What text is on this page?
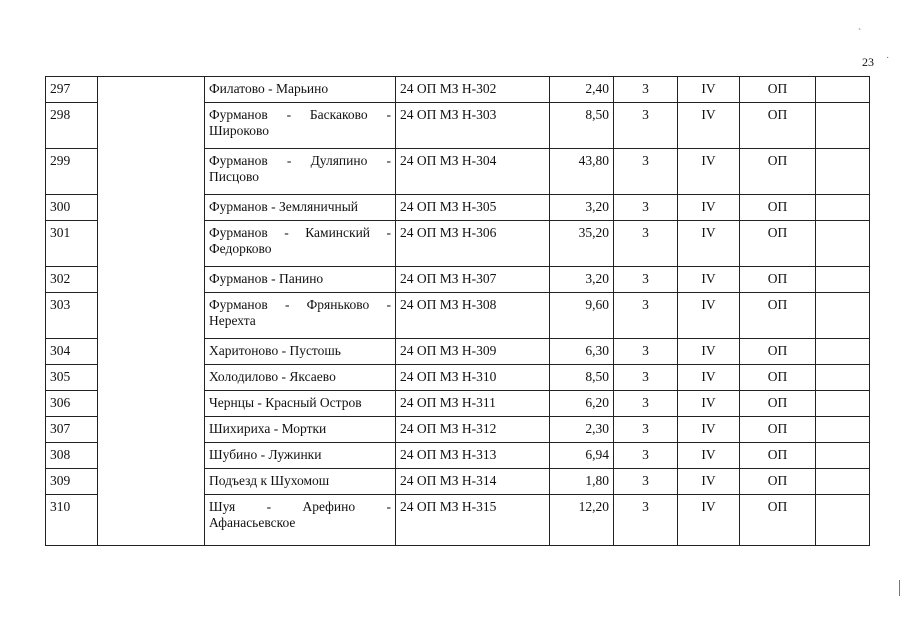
`
23 ˙
297		Филатово - Марьино	24 ОП МЗ Н-302	2,40	3	IV	ОП	
298		Фурманов - Баскаково - Широково	24 ОП МЗ Н-303	8,50	3	IV	ОП	
299		Фурманов - Дуляпино - Писцово	24 ОП МЗ Н-304	43,80	3	IV	ОП	
300		Фурманов - Земляничный	24 ОП МЗ Н-305	3,20	3	IV	ОП	
301		Фурманов - Каминский - Федорково	24 ОП МЗ Н-306	35,20	3	IV	ОП	
302		Фурманов - Панино	24 ОП МЗ Н-307	3,20	3	IV	ОП	
303		Фурманов - Фряньково - Нерехта	24 ОП МЗ Н-308	9,60	3	IV	ОП	
304		Харитоново - Пустошь	24 ОП МЗ Н-309	6,30	3	IV	ОП	
305		Холодилово - Яксаево	24 ОП МЗ Н-310	8,50	3	IV	ОП	
306		Чернцы - Красный Остров	24 ОП МЗ Н-311	6,20	3	IV	ОП	
307		Шихириха - Мортки	24 ОП МЗ Н-312	2,30	3	IV	ОП	
308		Шубино - Лужинки	24 ОП МЗ Н-313	6,94	3	IV	ОП	
309		Подъезд к Шухомош	24 ОП МЗ Н-314	1,80	3	IV	ОП	
310		Шуя - Арефино - Афанасьевское	24 ОП МЗ Н-315	12,20	3	IV	ОП	
